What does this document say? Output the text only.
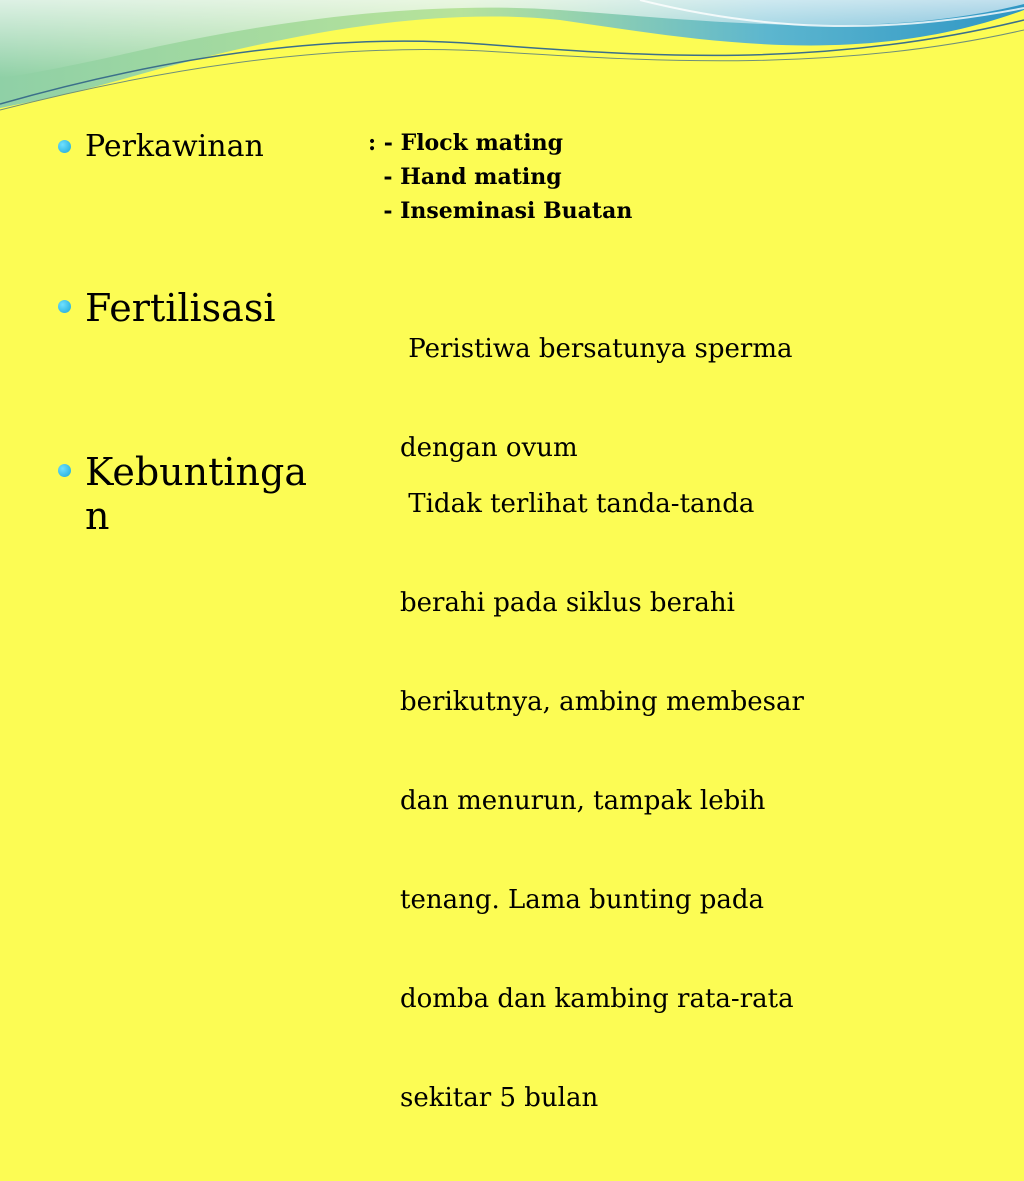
Perkawinan	: - Flock mating
- Hand mating
- Inseminasi Buatan
Fertilisasi

Peristiwa bersatunya sperma

dengan ovum

Kebuntinga
n

	Tidak terlihat tanda-tanda

berahi pada siklus berahi

berikutnya, ambing membesar

dan menurun, tampak lebih

tenang. Lama bunting pada

domba dan kambing rata-rata

sekitar 5 bulan
